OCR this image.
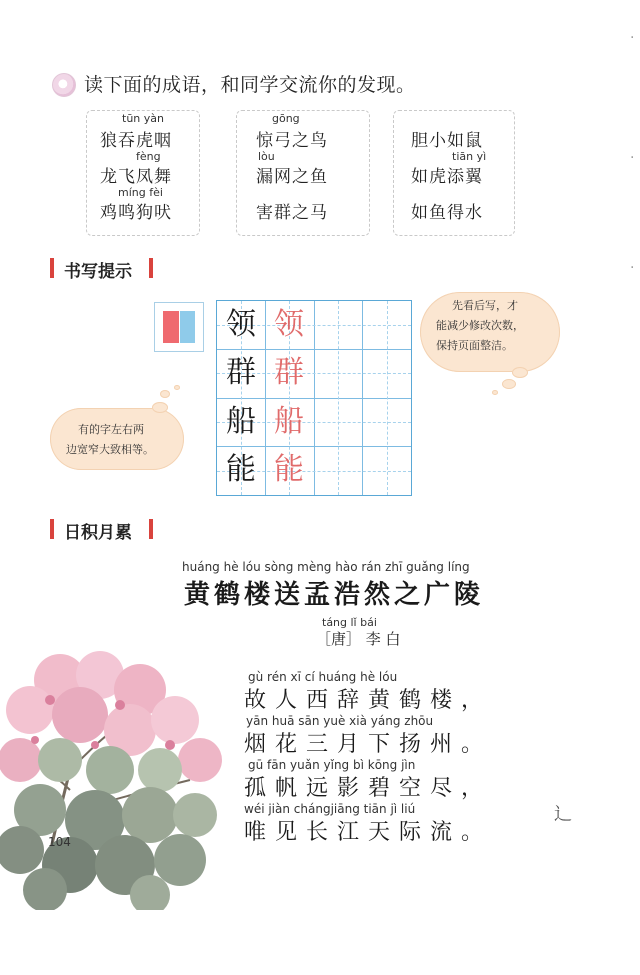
读下面的成语，和同学交流你的发现。
tūn yàn
狼吞虎咽
fèng
龙飞凤舞
míng fèi
鸡鸣狗吠
gōng
惊弓之鸟
lòu
漏网之鱼
害群之马
胆小如鼠
tiān yì
如虎添翼
如鱼得水
书写提示
领 领
群 群
船 船
能 能
先看后写，才
能减少修改次数，
保持页面整洁。
有的字左右两
边宽窄大致相等。
日积月累
huáng hè lóu sòng mèng hào rán zhī guǎng líng
黄鹤楼送孟浩然之广陵
táng lǐ bái
［唐］ 李 白
gù rén xī cí huáng hè lóu
故人西辞黄鹤楼，
yān huā sān yuè xià yáng zhōu
烟花三月下扬州。
gū fān yuǎn yǐng bì kōng jìn
孤帆远影碧空尽，
wéi jiàn chángjiāng tiān jì liú
唯见长江天际流。
辶
·
·
·
104
